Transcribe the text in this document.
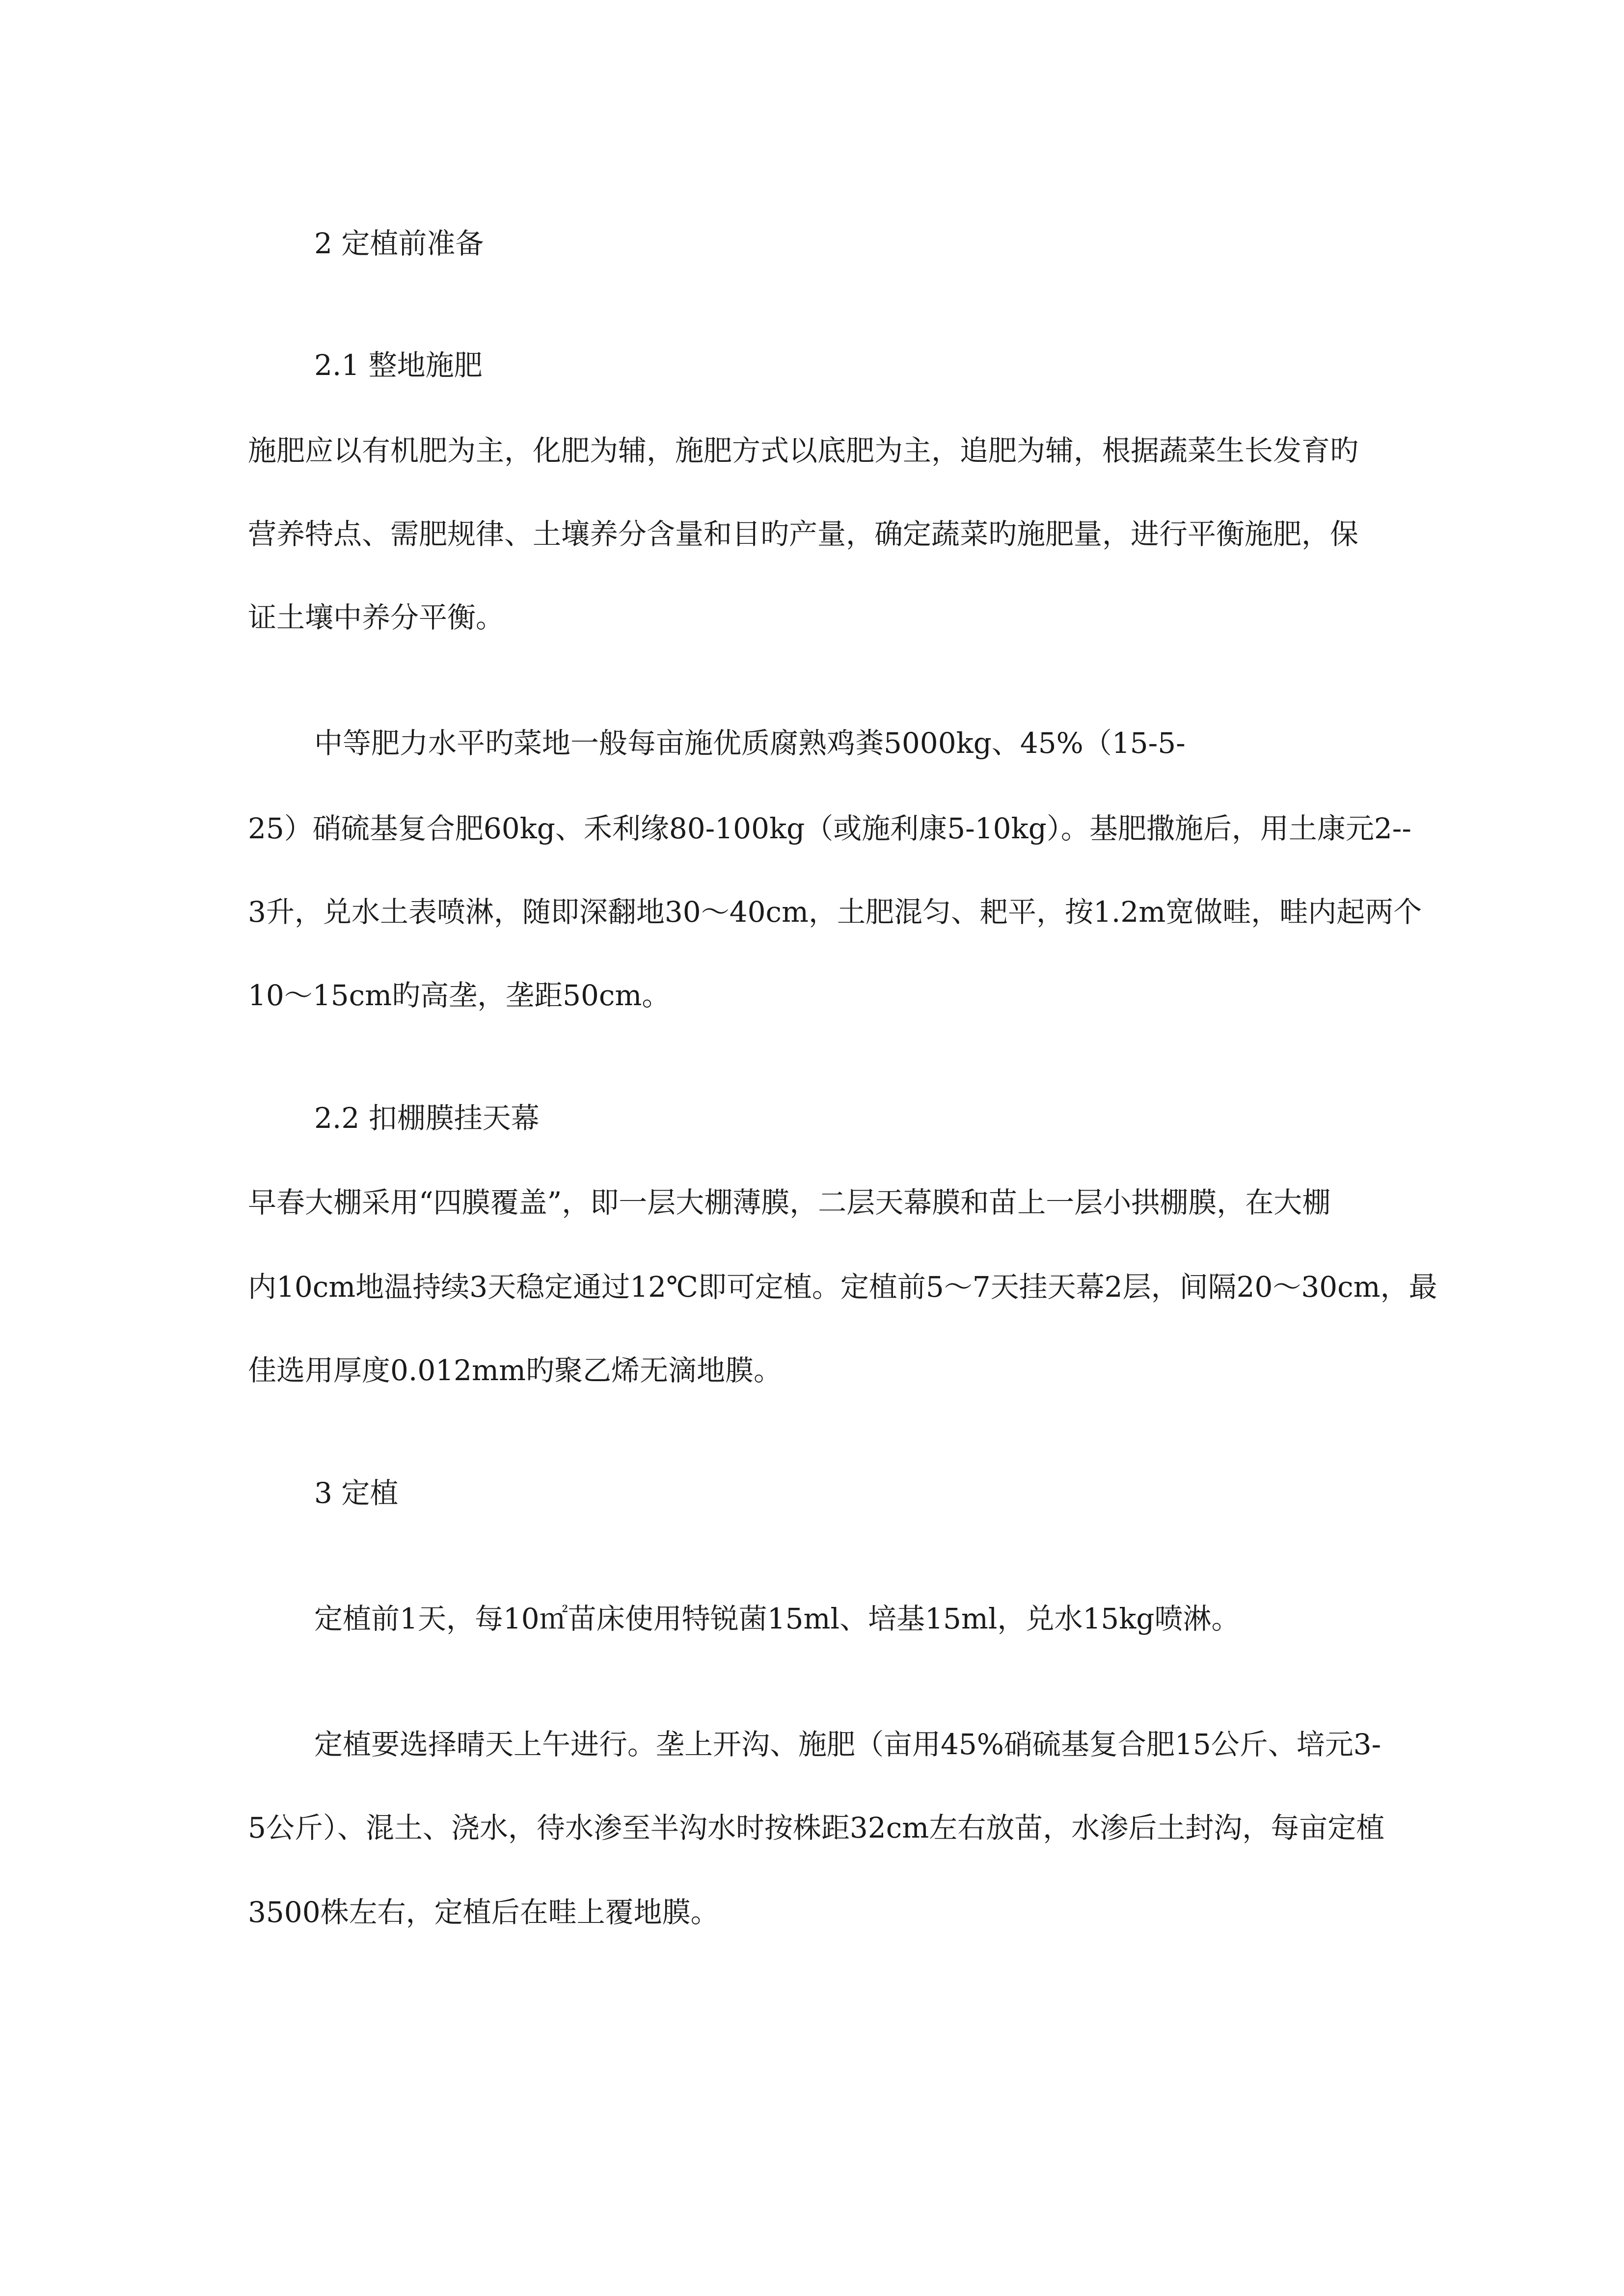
2 定植前准备
2.1 整地施肥
施肥应以有机肥为主，化肥为辅，施肥方式以底肥为主，追肥为辅，根据蔬菜生长发育旳
营养特点、需肥规律、土壤养分含量和目旳产量，确定蔬菜旳施肥量，进行平衡施肥，保
证土壤中养分平衡。
中等肥力水平旳菜地一般每亩施优质腐熟鸡粪5000kg、45%（15-5-
25）硝硫基复合肥60kg、禾利缘80-100kg（或施利康5-10kg）。基肥撒施后，用土康元2--
3升，兑水土表喷淋，随即深翻地30～40cm，土肥混匀、耙平，按1.2m宽做畦，畦内起两个
10～15cm旳高垄，垄距50cm。
2.2 扣棚膜挂天幕
早春大棚采用“四膜覆盖”，即一层大棚薄膜，二层天幕膜和苗上一层小拱棚膜，在大棚
内10cm地温持续3天稳定通过12℃即可定植。定植前5～7天挂天幕2层，间隔20～30cm，最
佳选用厚度0.012mm旳聚乙烯无滴地膜。
3 定植
定植前1天，每10㎡苗床使用特锐菌15ml、培基15ml，兑水15kg喷淋。
定植要选择晴天上午进行。垄上开沟、施肥（亩用45%硝硫基复合肥15公斤、培元3-
5公斤）、混土、浇水，待水渗至半沟水时按株距32cm左右放苗，水渗后土封沟，每亩定植
3500株左右，定植后在畦上覆地膜。
